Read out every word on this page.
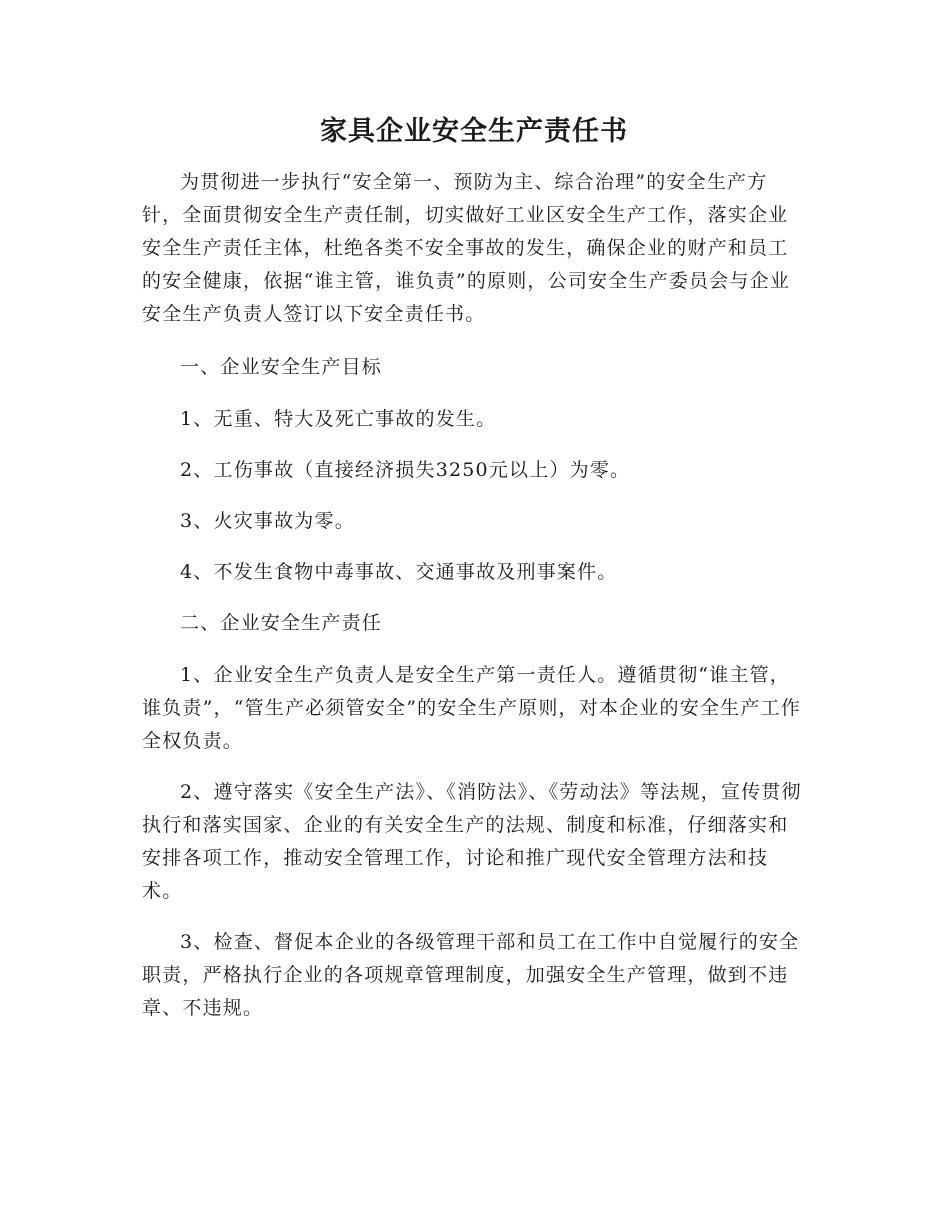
家具企业安全生产责任书

为贯彻进一步执行“安全第一、预防为主、综合治理”的安全生产方针，全面贯彻安全生产责任制，切实做好工业区安全生产工作，落实企业安全生产责任主体，杜绝各类不安全事故的发生，确保企业的财产和员工的安全健康，依据“谁主管，谁负责”的原则，公司安全生产委员会与企业安全生产负责人签订以下安全责任书。

一、企业安全生产目标

1、无重、特大及死亡事故的发生。

2、工伤事故（直接经济损失3250元以上）为零。

3、火灾事故为零。

4、不发生食物中毒事故、交通事故及刑事案件。

二、企业安全生产责任

1、企业安全生产负责人是安全生产第一责任人。遵循贯彻“谁主管，谁负责”，“管生产必须管安全”的安全生产原则，对本企业的安全生产工作全权负责。

2、遵守落实《安全生产法》、《消防法》、《劳动法》等法规，宣传贯彻执行和落实国家、企业的有关安全生产的法规、制度和标准，仔细落实和安排各项工作，推动安全管理工作，讨论和推广现代安全管理方法和技术。

3、检查、督促本企业的各级管理干部和员工在工作中自觉履行的安全职责，严格执行企业的各项规章管理制度，加强安全生产管理，做到不违章、不违规。
